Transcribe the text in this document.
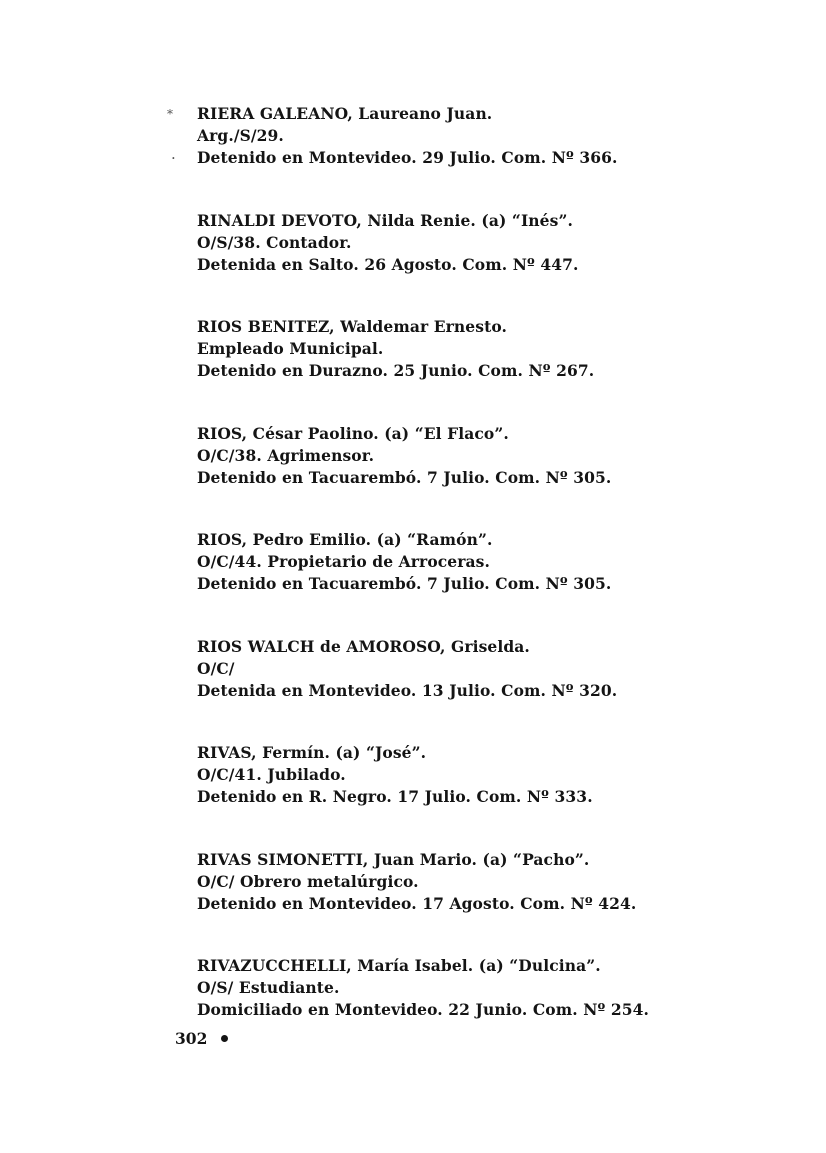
*
·
RIERA GALEANO, Laureano Juan.
Arg./S/29.
Detenido en Montevideo. 29 Julio. Com. Nº 366.
RINALDI DEVOTO, Nilda Renie. (a) “Inés”.
O/S/38. Contador.
Detenida en Salto. 26 Agosto. Com. Nº 447.
RIOS BENITEZ, Waldemar Ernesto.
Empleado Municipal.
Detenido en Durazno. 25 Junio. Com. Nº 267.
RIOS, César Paolino. (a) “El Flaco”.
O/C/38. Agrimensor.
Detenido en Tacuarembó. 7 Julio. Com. Nº 305.
RIOS, Pedro Emilio. (a) “Ramón”.
O/C/44. Propietario de Arroceras.
Detenido en Tacuarembó. 7 Julio. Com. Nº 305.
RIOS WALCH de AMOROSO, Griselda.
O/C/
Detenida en Montevideo. 13 Julio. Com. Nº 320.
RIVAS, Fermín. (a) “José”.
O/C/41. Jubilado.
Detenido en R. Negro. 17 Julio. Com. Nº 333.
RIVAS SIMONETTI, Juan Mario. (a) “Pacho”.
O/C/ Obrero metalúrgico.
Detenido en Montevideo. 17 Agosto. Com. Nº 424.
RIVAZUCCHELLI, María Isabel. (a) “Dulcina”.
O/S/ Estudiante.
Domiciliado en Montevideo. 22 Junio. Com. Nº 254.
302
